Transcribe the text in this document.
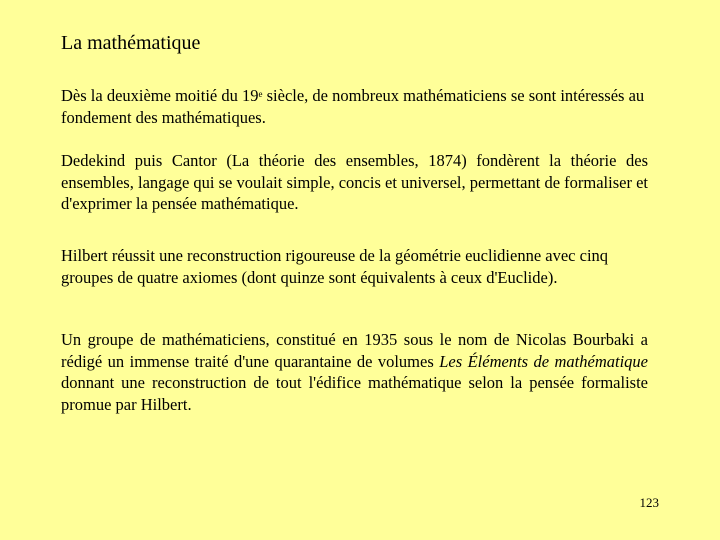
La mathématique

Dès la deuxième moitié du 19e siècle, de nombreux mathématiciens se sont intéressés au fondement des mathématiques.

Dedekind puis Cantor (La théorie des ensembles, 1874) fondèrent la théorie des ensembles, langage qui se voulait simple, concis et universel, permettant de formaliser et d'exprimer la pensée mathématique.

Hilbert réussit une reconstruction rigoureuse de la géométrie euclidienne avec cinq groupes de quatre axiomes (dont quinze sont équivalents à ceux d'Euclide).

Un groupe de mathématiciens, constitué en 1935 sous le nom de Nicolas Bourbaki a rédigé un immense traité d'une quarantaine de volumes Les Éléments de mathématique donnant une reconstruction de tout l'édifice mathématique selon la pensée formaliste promue par Hilbert.

123
